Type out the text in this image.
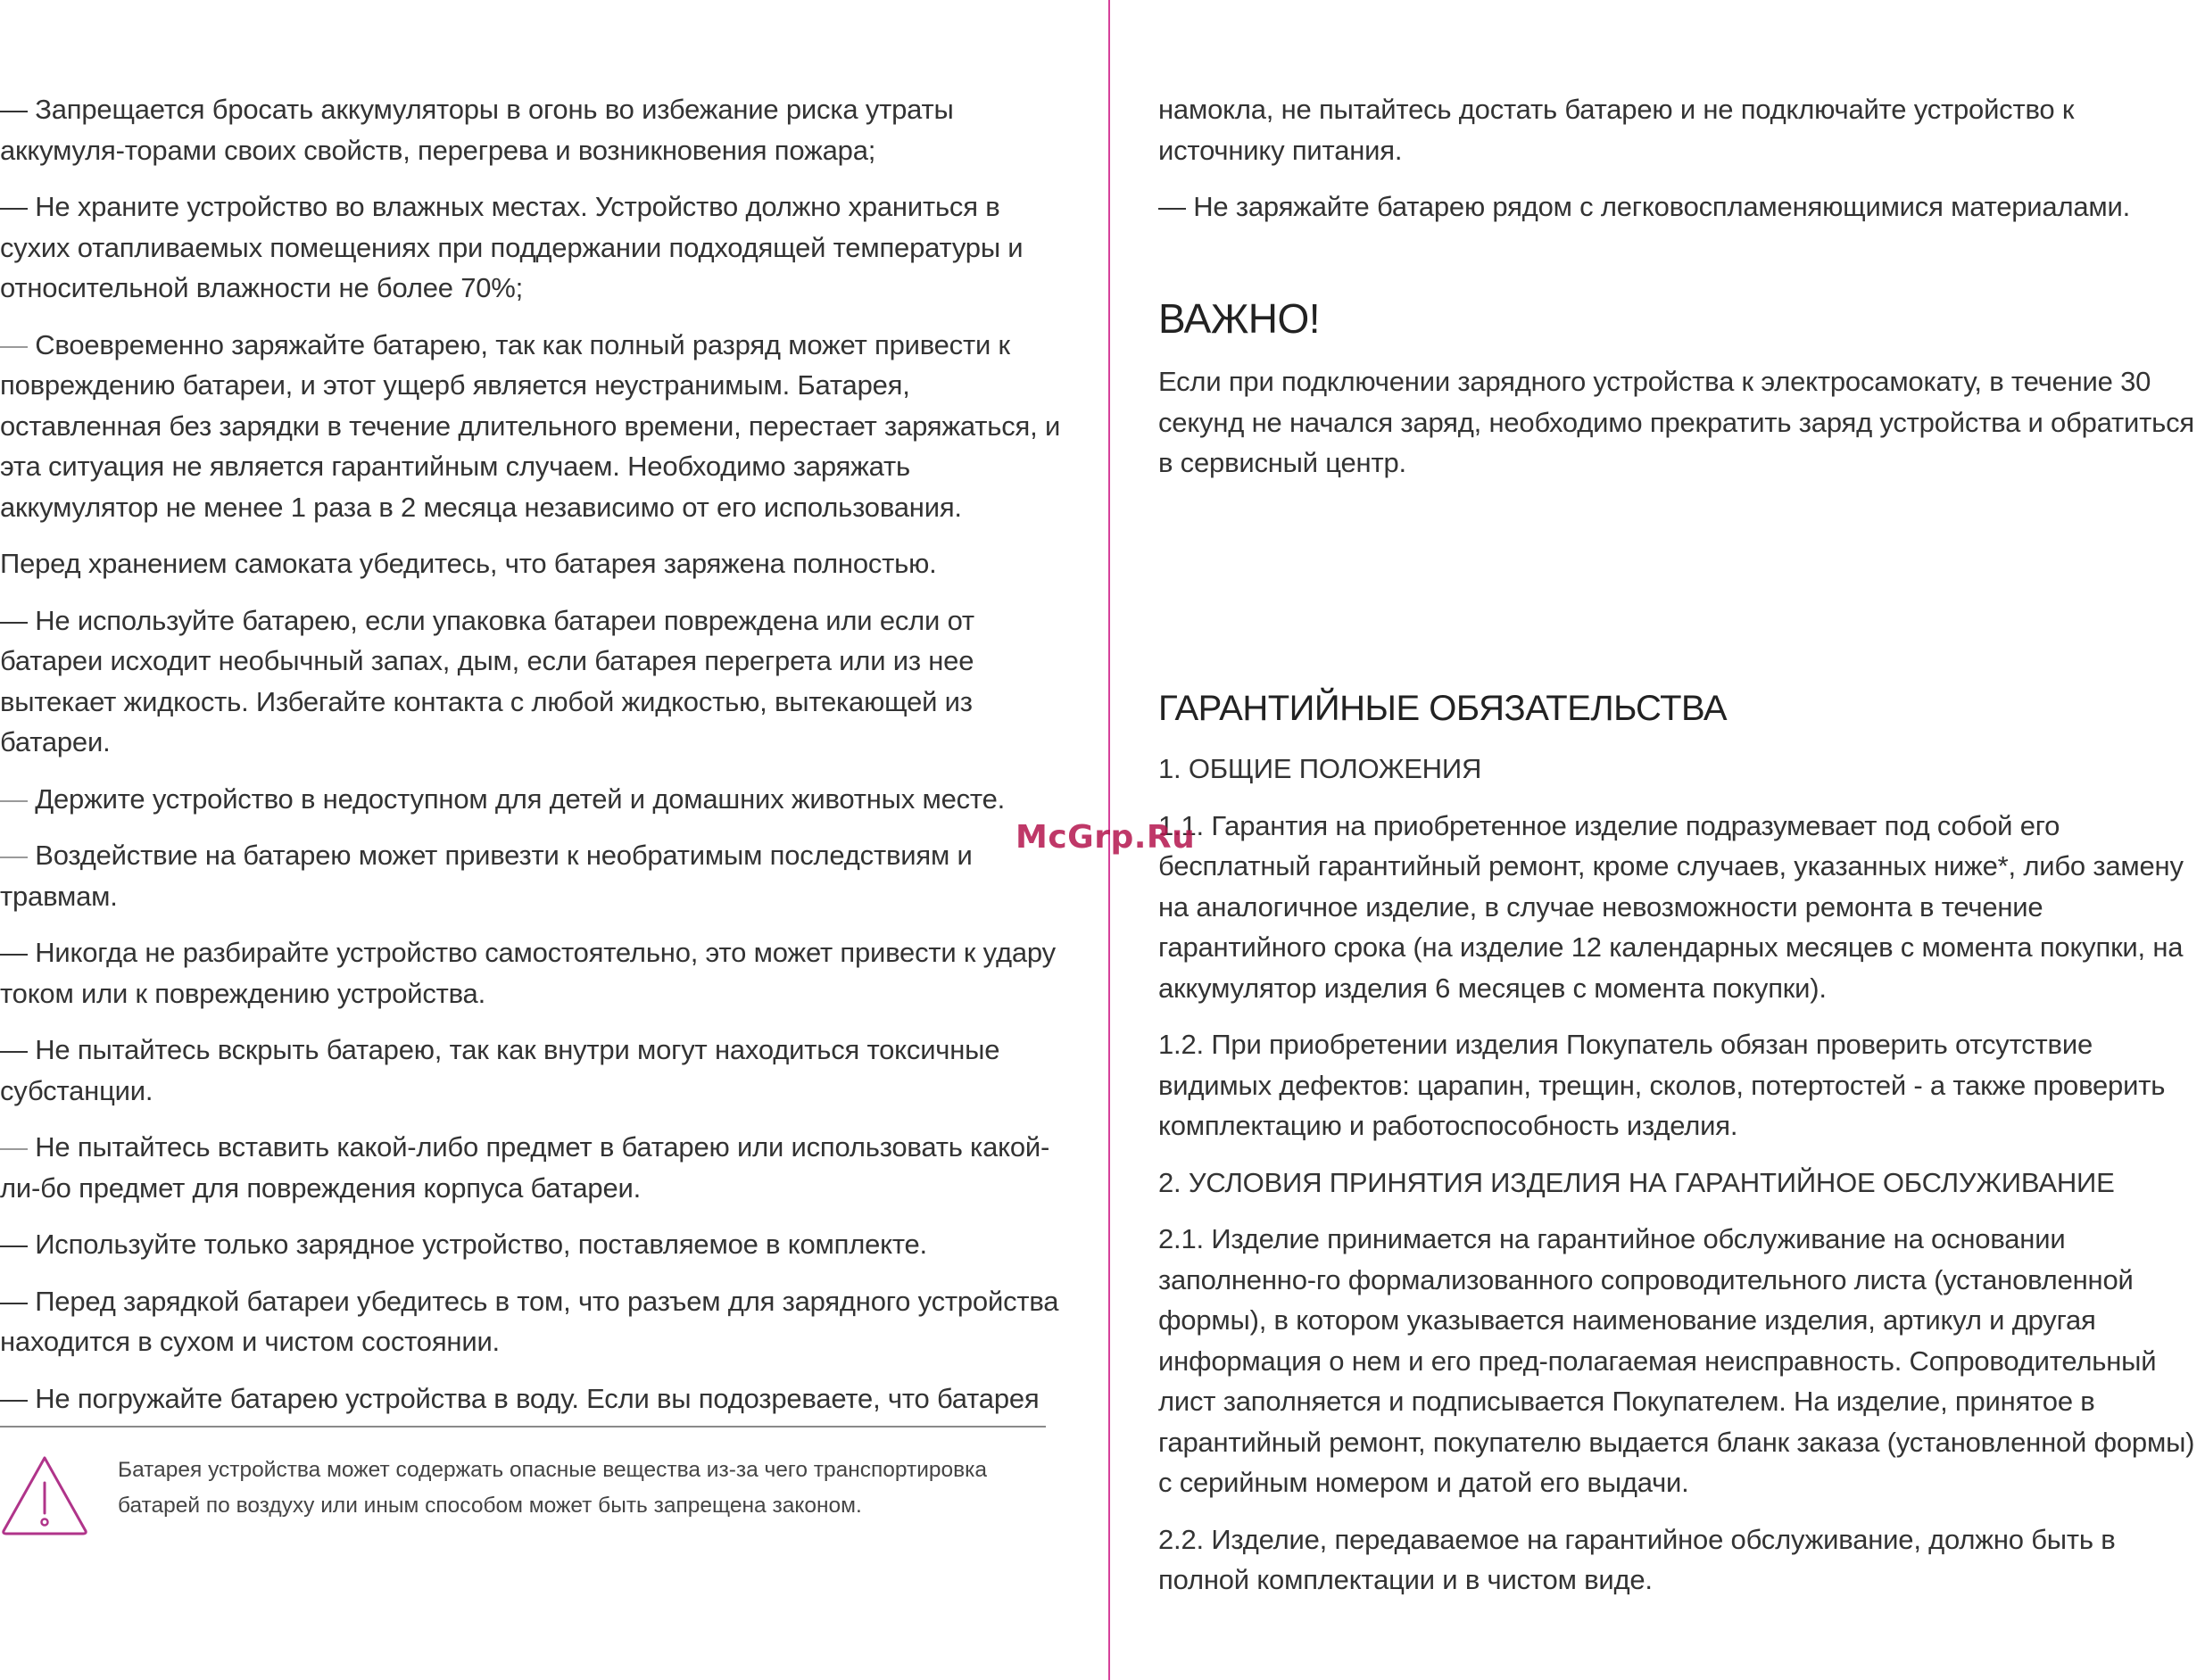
— Запрещается бросать аккумуляторы в огонь во избежание риска утраты аккумуля-торами своих свойств, перегрева и возникновения пожара;

— Не храните устройство во влажных местах. Устройство должно храниться в сухих отапливаемых помещениях при поддержании подходящей температуры и относительной влажности не более 70%;

— Своевременно заряжайте батарею, так как полный разряд может привести к повреждению батареи, и этот ущерб является неустранимым. Батарея, оставленная без зарядки в течение длительного времени, перестает заряжаться, и эта ситуация не является гарантийным случаем. Необходимо заряжать аккумулятор не менее 1 раза в 2 месяца независимо от его использования.

Перед хранением самоката убедитесь, что батарея заряжена полностью.

— Не используйте батарею, если упаковка батареи повреждена или если от батареи исходит необычный запах, дым, если батарея перегрета или из нее вытекает жидкость. Избегайте контакта с любой жидкостью, вытекающей из батареи.

— Держите устройство в недоступном для детей и домашних животных месте.

— Воздействие на батарею может привезти к необратимым последствиям и травмам.

— Никогда не разбирайте устройство самостоятельно, это может привести к удару током или к повреждению устройства.

— Не пытайтесь вскрыть батарею, так как внутри могут находиться токсичные субстанции.

— Не пытайтесь вставить какой-либо предмет в батарею или использовать какой-ли-бо предмет для повреждения корпуса батареи.

— Используйте только зарядное устройство, поставляемое в комплекте.

— Перед зарядкой батареи убедитесь в том, что разъем для зарядного устройства находится в сухом и чистом состоянии.

— Не погружайте батарею устройства в воду. Если вы подозреваете, что батарея

Батарея устройства может содержать опасные вещества из-за чего транспортировка батарей по воздуху или иным способом может быть запрещена законом.

намокла, не пытайтесь достать батарею и не подключайте устройство к источнику питания.

— Не заряжайте батарею рядом с легковоспламеняющимися материалами.

ВАЖНО!

Если при подключении зарядного устройства к электросамокату, в течение 30 секунд не начался заряд, необходимо прекратить заряд устройства и обратиться в сервисный центр.

ГАРАНТИЙНЫЕ ОБЯЗАТЕЛЬСТВА

1. ОБЩИЕ ПОЛОЖЕНИЯ

1.1. Гарантия на приобретенное изделие подразумевает под собой его бесплатный гарантийный ремонт, кроме случаев, указанных ниже*, либо замену на аналогичное изделие, в случае невозможности ремонта в течение гарантийного срока (на изделие 12 календарных месяцев с момента покупки, на аккумулятор изделия 6 месяцев с момента покупки).

1.2. При приобретении изделия Покупатель обязан проверить отсутствие видимых дефектов: царапин, трещин, сколов, потертостей - а также проверить комплектацию и работоспособность изделия.

2. УСЛОВИЯ ПРИНЯТИЯ ИЗДЕЛИЯ НА ГАРАНТИЙНОЕ ОБСЛУЖИВАНИЕ

2.1. Изделие принимается на гарантийное обслуживание на основании заполненно-го формализованного сопроводительного листа (установленной формы), в котором указывается наименование изделия, артикул и другая информация о нем и его пред-полагаемая неисправность. Сопроводительный лист заполняется и подписывается Покупателем. На изделие, принятое в гарантийный ремонт, покупателю выдается бланк заказа (установленной формы) с серийным номером и датой его выдачи.

2.2. Изделие, передаваемое на гарантийное обслуживание, должно быть в полной комплектации и в чистом виде.

McGrp.Ru
